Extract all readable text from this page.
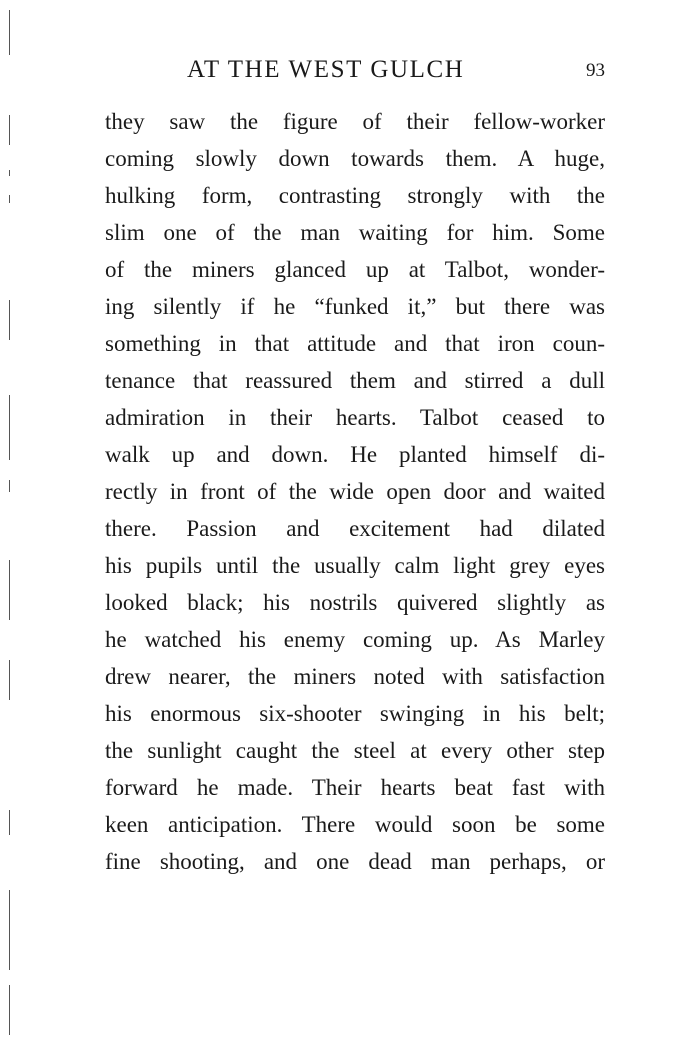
AT THE WEST GULCH	93
they saw the figure of their fellow-worker
coming slowly down towards them. A huge,
hulking form, contrasting strongly with the
slim one of the man waiting for him. Some
of the miners glanced up at Talbot, wonder-
ing silently if he “funked it,” but there was
something in that attitude and that iron coun-
tenance that reassured them and stirred a dull
admiration in their hearts. Talbot ceased to
walk up and down. He planted himself di-
rectly in front of the wide open door and waited
there. Passion and excitement had dilated
his pupils until the usually calm light grey eyes
looked black; his nostrils quivered slightly as
he watched his enemy coming up. As Marley
drew nearer, the miners noted with satisfaction
his enormous six-shooter swinging in his belt;
the sunlight caught the steel at every other step
forward he made. Their hearts beat fast with
keen anticipation. There would soon be some
fine shooting, and one dead man perhaps, or
